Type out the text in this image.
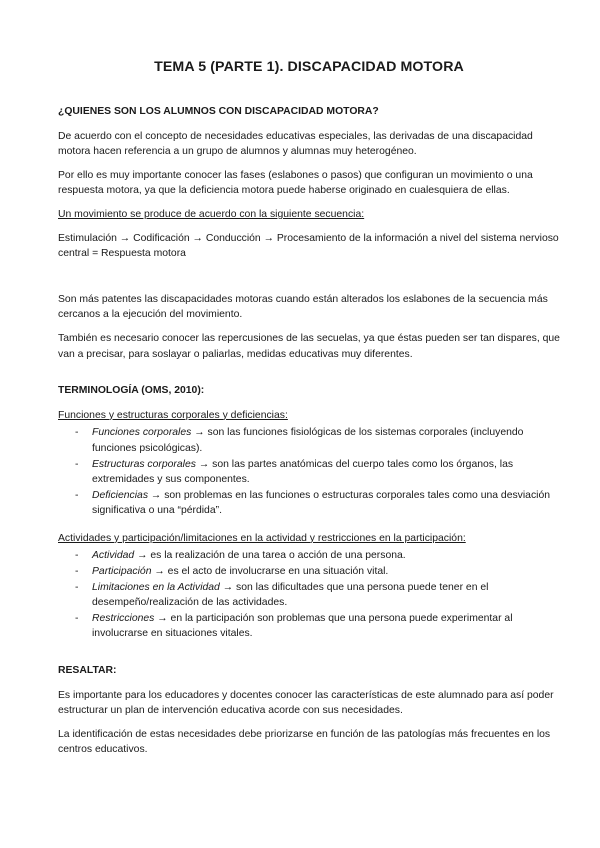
TEMA 5 (PARTE 1). DISCAPACIDAD MOTORA
¿QUIENES SON LOS ALUMNOS CON DISCAPACIDAD MOTORA?

De acuerdo con el concepto de necesidades educativas especiales, las derivadas de una discapacidad motora hacen referencia a un grupo de alumnos y alumnas muy heterogéneo.

Por ello es muy importante conocer las fases (eslabones o pasos) que configuran un movimiento o una respuesta motora, ya que la deficiencia motora puede haberse originado en cualesquiera de ellas.

Un movimiento se produce de acuerdo con la siguiente secuencia:

Estimulación → Codificación → Conducción → Procesamiento de la información a nivel del sistema nervioso central = Respuesta motora

Son más patentes las discapacidades motoras cuando están alterados los eslabones de la secuencia más cercanos a la ejecución del movimiento.

También es necesario conocer las repercusiones de las secuelas, ya que éstas pueden ser tan dispares, que van a precisar, para soslayar o paliarlas, medidas educativas muy diferentes.

TERMINOLOGÍA (OMS, 2010):

Funciones y estructuras corporales y deficiencias:

- Funciones corporales → son las funciones fisiológicas de los sistemas corporales (incluyendo funciones psicológicas).
- Estructuras corporales → son las partes anatómicas del cuerpo tales como los órganos, las extremidades y sus componentes.
- Deficiencias → son problemas en las funciones o estructuras corporales tales como una desviación significativa o una “pérdida”.

Actividades y participación/limitaciones en la actividad y restricciones en la participación:

- Actividad → es la realización de una tarea o acción de una persona.
- Participación → es el acto de involucrarse en una situación vital.
- Limitaciones en la Actividad → son las dificultades que una persona puede tener en el desempeño/realización de las actividades.
- Restricciones → en la participación son problemas que una persona puede experimentar al involucrarse en situaciones vitales.
RESALTAR:

Es importante para los educadores y docentes conocer las características de este alumnado para así poder estructurar un plan de intervención educativa acorde con sus necesidades.

La identificación de estas necesidades debe priorizarse en función de las patologías más frecuentes en los centros educativos.
